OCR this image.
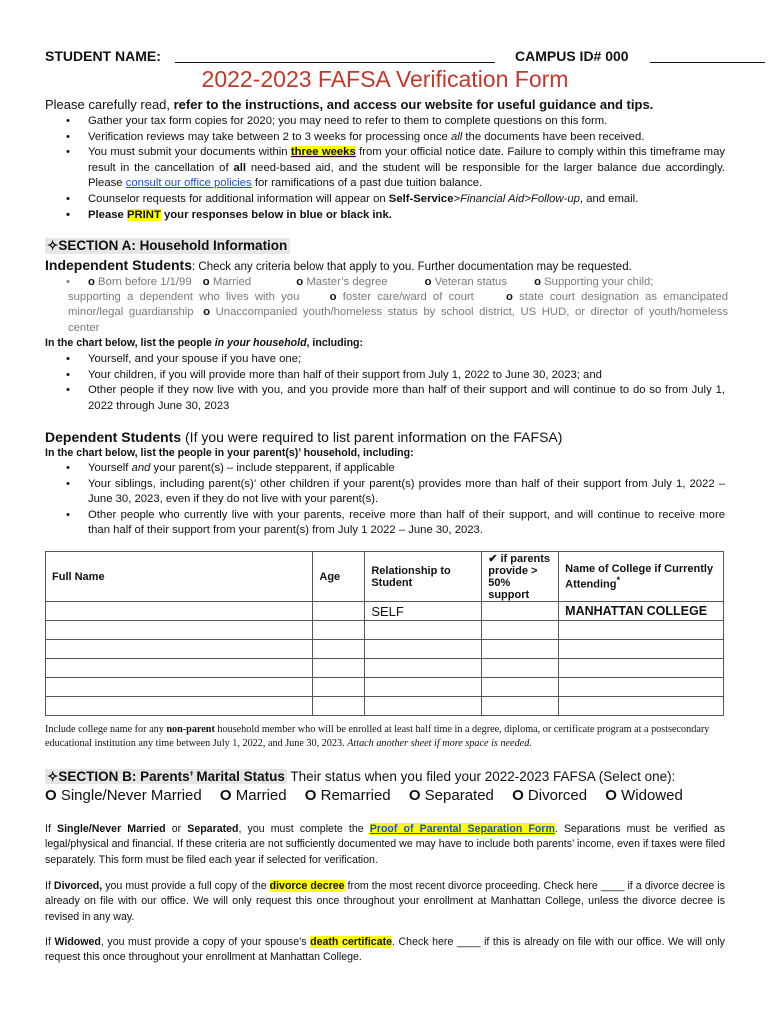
STUDENT NAME:	CAMPUS ID# 000
2022-2023 FAFSA Verification Form
Please carefully read, refer to the instructions, and access our website for useful guidance and tips.
• Gather your tax form copies for 2020; you may need to refer to them to complete questions on this form.
• Verification reviews may take between 2 to 3 weeks for processing once all the documents have been received.
• You must submit your documents within three weeks from your official notice date. Failure to comply within this timeframe may result in the cancellation of all need-based aid, and the student will be responsible for the larger balance due accordingly. Please consult our office policies for ramifications of a past due tuition balance.
• Counselor requests for additional information will appear on Self-Service>Financial Aid>Follow-up, and email.
• Please PRINT your responses below in blue or black ink.
✧SECTION A: Household Information
Independent Students: Check any criteria below that apply to you. Further documentation may be requested.
•	o Born before 1/1/99 o Married	o Master’s degree	o Veteran status o Supporting your child;
supporting a dependent who lives with you	o foster care/ward of court	o state court designation as emancipated minor/legal guardianship o Unaccompanied youth/homeless status by school district, US HUD, or director of youth/homeless center
In the chart below, list the people in your household, including:
• Yourself, and your spouse if you have one;
• Your children, if you will provide more than half of their support from July 1, 2022 to June 30, 2023; and
• Other people if they now live with you, and you provide more than half of their support and will continue to do so from July 1, 2022 through June 30, 2023
Dependent Students (If you were required to list parent information on the FAFSA)
In the chart below, list the people in your parent(s)’ household, including:
• Yourself and your parent(s) – include stepparent, if applicable
• Your siblings, including parent(s)’ other children if your parent(s) provides more than half of their support from July 1, 2022 – June 30, 2023, even if they do not live with your parent(s).
• Other people who currently live with your parents, receive more than half of their support, and will continue to receive more than half of their support from your parent(s) from July 1 2022 – June 30, 2023.
Full Name	Age	Relationship to Student	✔ if parents provide > 50% support	Name of College if Currently Attending*
		SELF		MANHATTAN COLLEGE

Include college name for any non-parent household member who will be enrolled at least half time in a degree, diploma, or certificate program at a postsecondary educational institution any time between July 1, 2022, and June 30, 2023. Attach another sheet if more space is needed.
✧SECTION B: Parents’ Marital Status Their status when you filed your 2022-2023 FAFSA (Select one):
O Single/Never Married O Married O Remarried O Separated O Divorced O Widowed
If Single/Never Married or Separated, you must complete the Proof of Parental Separation Form. Separations must be verified as legal/physical and financial. If these criteria are not sufficiently documented we may have to include both parents’ income, even if taxes were filed separately. This form must be filed each year if selected for verification.
If Divorced, you must provide a full copy of the divorce decree from the most recent divorce proceeding. Check here ____ if a divorce decree is already on file with our office. We will only request this once throughout your enrollment at Manhattan College, unless the divorce decree is revised in any way.
If Widowed, you must provide a copy of your spouse’s death certificate. Check here ____ if this is already on file with our office. We will only request this once throughout your enrollment at Manhattan College.
